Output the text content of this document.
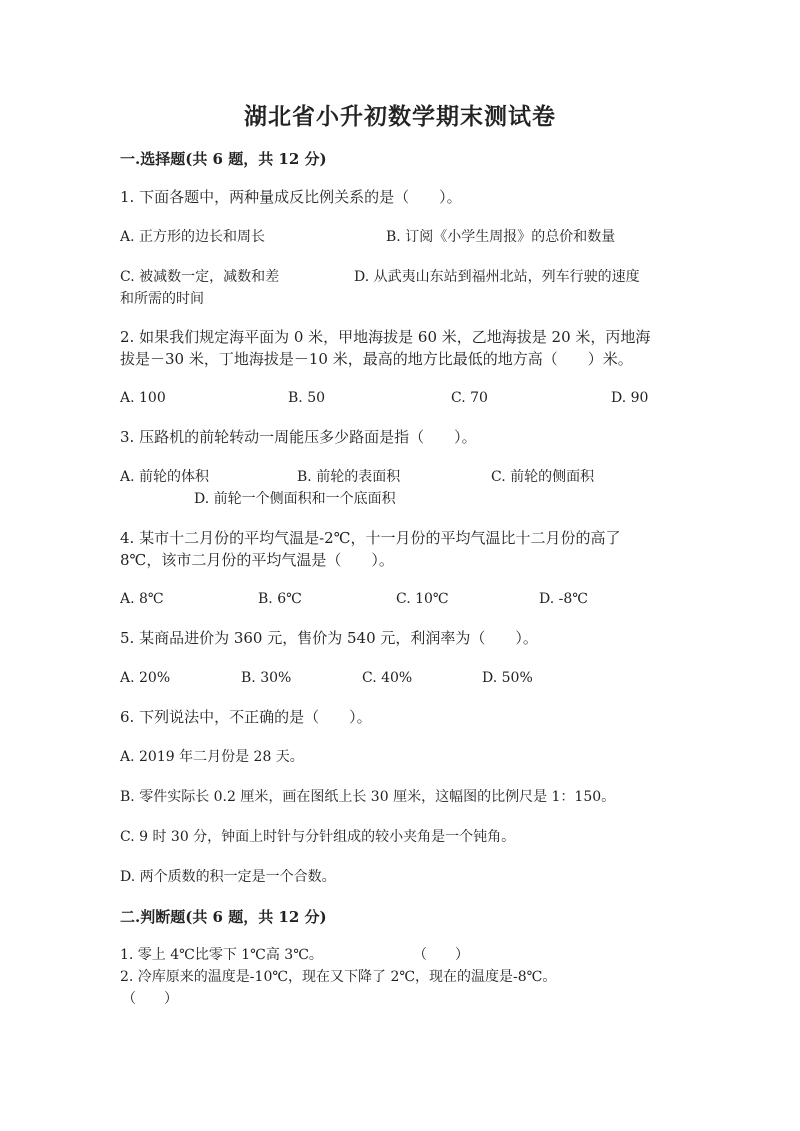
湖北省小升初数学期末测试卷
一.选择题(共 6 题，共 12 分)
1. 下面各题中，两种量成反比例关系的是（　　）。
A. 正方形的边长和周长	B. 订阅《小学生周报》的总价和数量
C. 被减数一定，减数和差	D. 从武夷山东站到福州北站，列车行驶的速度
和所需的时间
2. 如果我们规定海平面为 0 米，甲地海拔是 60 米，乙地海拔是 20 米，丙地海
拔是－30 米，丁地海拔是－10 米，最高的地方比最低的地方高（　　）米。
A. 100	B. 50	C. 70	D. 90
3. 压路机的前轮转动一周能压多少路面是指（　　）。
A. 前轮的体积	B. 前轮的表面积	C. 前轮的侧面积
D. 前轮一个侧面积和一个底面积
4. 某市十二月份的平均气温是-2℃，十一月份的平均气温比十二月份的高了
8℃，该市二月份的平均气温是（　　）。
A. 8℃	B. 6℃	C. 10℃	D. -8℃
5. 某商品进价为 360 元，售价为 540 元，利润率为（　　）。
A. 20%	B. 30%	C. 40%	D. 50%
6. 下列说法中，不正确的是（　　）。
A. 2019 年二月份是 28 天。
B. 零件实际长 0.2 厘米，画在图纸上长 30 厘米，这幅图的比例尺是 1：150。
C. 9 时 30 分，钟面上时针与分针组成的较小夹角是一个钝角。
D. 两个质数的积一定是一个合数。
二.判断题(共 6 题，共 12 分)
1. 零上 4℃比零下 1℃高 3℃。	（　　）
2. 冷库原来的温度是-10℃，现在又下降了 2℃，现在的温度是-8℃。
（　　）
